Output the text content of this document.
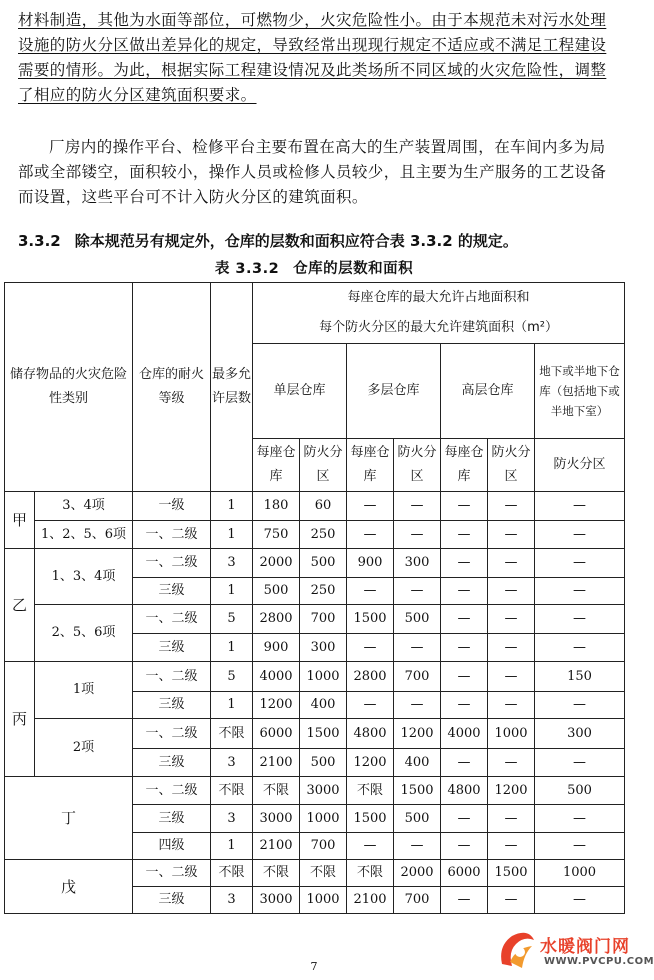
材料制造，其他为水面等部位，可燃物少，火灾危险性小。由于本规范未对污水处理

设施的防火分区做出差异化的规定，导致经常出现现行规定不适应或不满足工程建设

需要的情形。为此，根据实际工程建设情况及此类场所不同区域的火灾危险性，调整

了相应的防火分区建筑面积要求。

厂房内的操作平台、检修平台主要布置在高大的生产装置周围，在车间内多为局部或全部镂空，面积较小，操作人员或检修人员较少，且主要为生产服务的工艺设备而设置，这些平台可不计入防火分区的建筑面积。
3.3.2 除本规范另有规定外，仓库的层数和面积应符合表 3.3.2 的规定。
表 3.3.2 仓库的层数和面积
储存物品的火灾危险性类别		仓库的耐火等级	最多允许层数	每座仓库的最大允许占地面积和
每个防火分区的最大允许建筑面积（m²）						

				单层仓库		多层仓库		高层仓库		地下或半地下仓库（包括地下或半地下室）
				每座仓库	防火分区	每座仓库	防火分区	每座仓库	防火分区	防火分区
甲	3、4项	一级	1	180	60	—	—	—	—	—
	1、2、5、6项	一、二级	1	750	250	—	—	—	—	—
乙	1、3、4项	一、二级	3	2000	500	900	300	—	—	—
		三级	1	500	250	—	—	—	—	—
	2、5、6项	一、二级	5	2800	700	1500	500	—	—	—
		三级	1	900	300	—	—	—	—	—
丙	1项	一、二级	5	4000	1000	2800	700	—	—	150
		三级	1	1200	400	—	—	—	—	—
	2项	一、二级	不限	6000	1500	4800	1200	4000	1000	300
		三级	3	2100	500	1200	400	—	—	—
丁		一、二级	不限	不限	3000	不限	1500	4800	1200	500
		三级	3	3000	1000	1500	500	—	—	—
		四级	1	2100	700	—	—	—	—	—
戊		一、二级	不限	不限	不限	不限	2000	6000	1500	1000
		三级	3	3000	1000	2100	700	—	—	—
7
水暖阀门网
WWW.PVCPU.COM
